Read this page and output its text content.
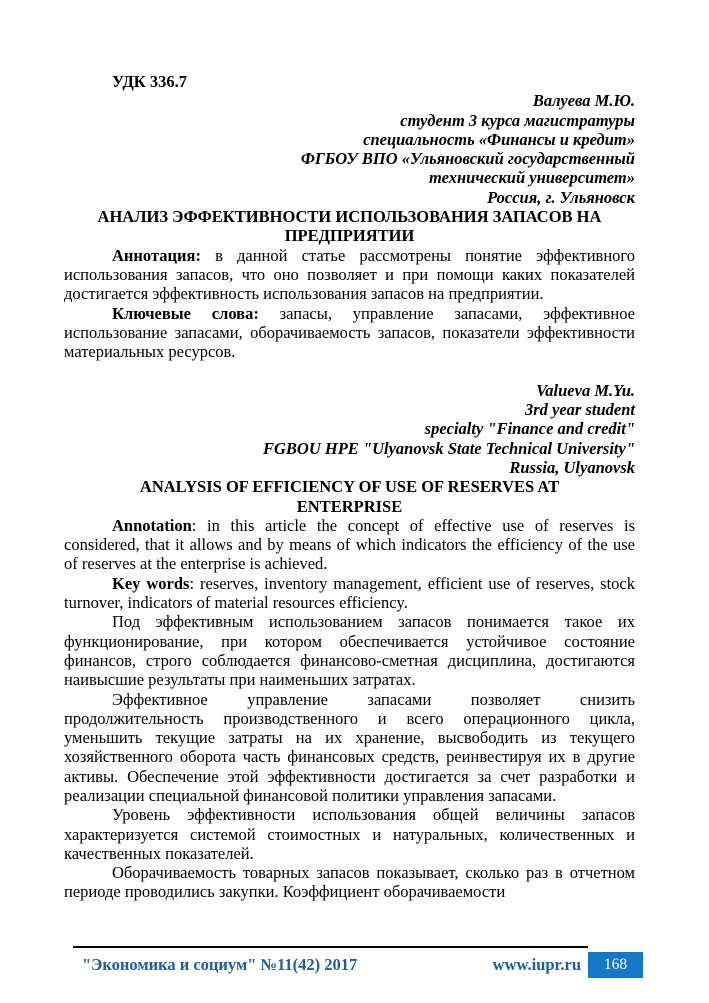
УДК 336.7
Валуева М.Ю.
студент 3 курса магистратуры
специальность «Финансы и кредит»
ФГБОУ ВПО «Ульяновский государственный
технический университет»
Россия, г. Ульяновск
АНАЛИЗ ЭФФЕКТИВНОСТИ ИСПОЛЬЗОВАНИЯ ЗАПАСОВ НА ПРЕДПРИЯТИИ

Аннотация: в данной статье рассмотрены понятие эффективного использования запасов, что оно позволяет и при помощи каких показателей достигается эффективность использования запасов на предприятии.

Ключевые слова: запасы, управление запасами, эффективное использование запасами, оборачиваемость запасов, показатели эффективности материальных ресурсов.

Valueva M.Yu.
3rd year student
specialty "Finance and credit"
FGBOU HPE "Ulyanovsk State Technical University"
Russia, Ulyanovsk
ANALYSIS OF EFFICIENCY OF USE OF RESERVES AT ENTERPRISE

Annotation: in this article the concept of effective use of reserves is considered, that it allows and by means of which indicators the efficiency of the use of reserves at the enterprise is achieved.

Key words: reserves, inventory management, efficient use of reserves, stock turnover, indicators of material resources efficiency.

Под эффективным использованием запасов понимается такое их функционирование, при котором обеспечивается устойчивое состояние финансов, строго соблюдается финансово-сметная дисциплина, достигаются наивысшие результаты при наименьших затратах.

Эффективное управление запасами позволяет снизить продолжительность производственного и всего операционного цикла, уменьшить текущие затраты на их хранение, высвободить из текущего хозяйственного оборота часть финансовых средств, реинвестируя их в другие активы. Обеспечение этой эффективности достигается за счет разработки и реализации специальной финансовой политики управления запасами.

Уровень эффективности использования общей величины запасов характеризуется системой стоимостных и натуральных, количественных и качественных показателей.

Оборачиваемость товарных запасов показывает, сколько раз в отчетном периоде проводились закупки. Коэффициент оборачиваемости

"Экономика и социум" №11(42) 2017	www.iupr.ru	168
